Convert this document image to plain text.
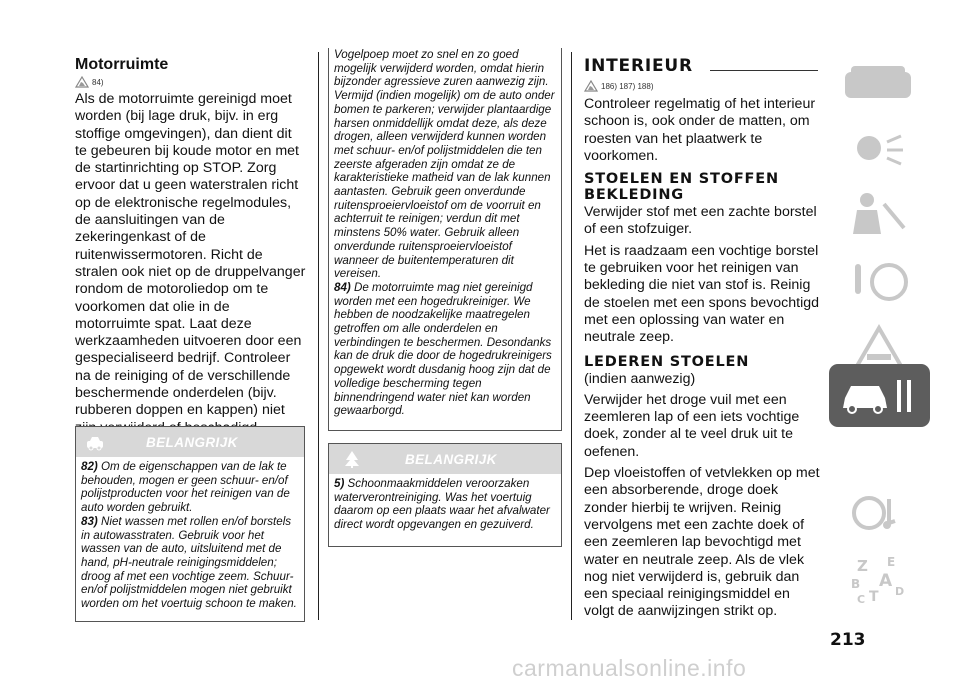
Motorruimte
84)
Als de motorruimte gereinigd moet worden (bij lage druk, bijv. in erg stoffige omgevingen), dan dient dit te gebeuren bij koude motor en met de startinrichting op STOP. Zorg ervoor dat u geen waterstralen richt op de elektronische regelmodules, de aansluitingen van de zekeringenkast of de ruitenwissermotoren. Richt de stralen ook niet op de druppelvanger rondom de motoroliedop om te voorkomen dat olie in de motorruimte spat. Laat deze werkzaamheden uitvoeren door een gespecialiseerd bedrijf. Controleer na de reiniging of de verschillende beschermende onderdelen (bijv. rubberen doppen en kappen) niet
BELANGRIJK
82) Om de eigenschappen van de lak te behouden, mogen er geen schuur- en/of polijstproducten voor het reinigen van de auto worden gebruikt.
83) Niet wassen met rollen en/of borstels in autowasstraten. Gebruik voor het wassen van de auto, uitsluitend met de hand, pH-neutrale reinigingsmiddelen; droog af met een vochtige zeem. Schuur- en/of polijstmiddelen mogen niet gebruikt worden om het voertuig schoon te maken.
Vogelpoep moet zo snel en zo goed mogelijk verwijderd worden, omdat hierin bijzonder agressieve zuren aanwezig zijn. Vermijd (indien mogelijk) om de auto onder bomen te parkeren; verwijder plantaardige harsen onmiddellijk omdat deze, als deze drogen, alleen verwijderd kunnen worden met schuur- en/of polijstmiddelen die ten zeerste afgeraden zijn omdat ze de karakteristieke matheid van de lak kunnen aantasten. Gebruik geen onverdunde ruitensproeiervloeistof om de voorruit en achterruit te reinigen; verdun dit met minstens 50% water. Gebruik alleen onverdunde ruitensproeiervloeistof wanneer de buitentemperaturen dit vereisen.
84) De motorruimte mag niet gereinigd worden met een hogedrukreiniger. We hebben de noodzakelijke maatregelen getroffen om alle onderdelen en verbindingen te beschermen. Desondanks kan de druk die door de hogedrukreinigers opgewekt wordt dusdanig hoog zijn dat de volledige bescherming tegen binnendringend water niet kan worden gewaarborgd.
BELANGRIJK
5) Schoonmaakmiddelen veroorzaken waterverontreiniging. Was het voertuig daarom op een plaats waar het afvalwater direct wordt opgevangen en gezuiverd.
INTERIEUR
186) 187) 188)
Controleer regelmatig of het interieur schoon is, ook onder de matten, om roesten van het plaatwerk te voorkomen.
STOELEN EN STOFFEN BEKLEDING
Verwijder stof met een zachte borstel of een stofzuiger.
Het is raadzaam een vochtige borstel te gebruiken voor het reinigen van bekleding die niet van stof is. Reinig de stoelen met een spons bevochtigd met een oplossing van water en neutrale zeep.
LEDEREN STOELEN
(indien aanwezig)
Verwijder het droge vuil met een zeemleren lap of een iets vochtige doek, zonder al te veel druk uit te oefenen.
Dep vloeistoffen of vetvlekken op met een absorberende, droge doek zonder hierbij te wrijven. Reinig vervolgens met een zachte doek of een zeemleren lap bevochtigd met water en neutrale zeep. Als de vlek nog niet verwijderd is, gebruik dan een speciaal reinigingsmiddel en volgt de aanwijzingen strikt op.
Z E
B A
C T D
213
carmanualsonline.info
